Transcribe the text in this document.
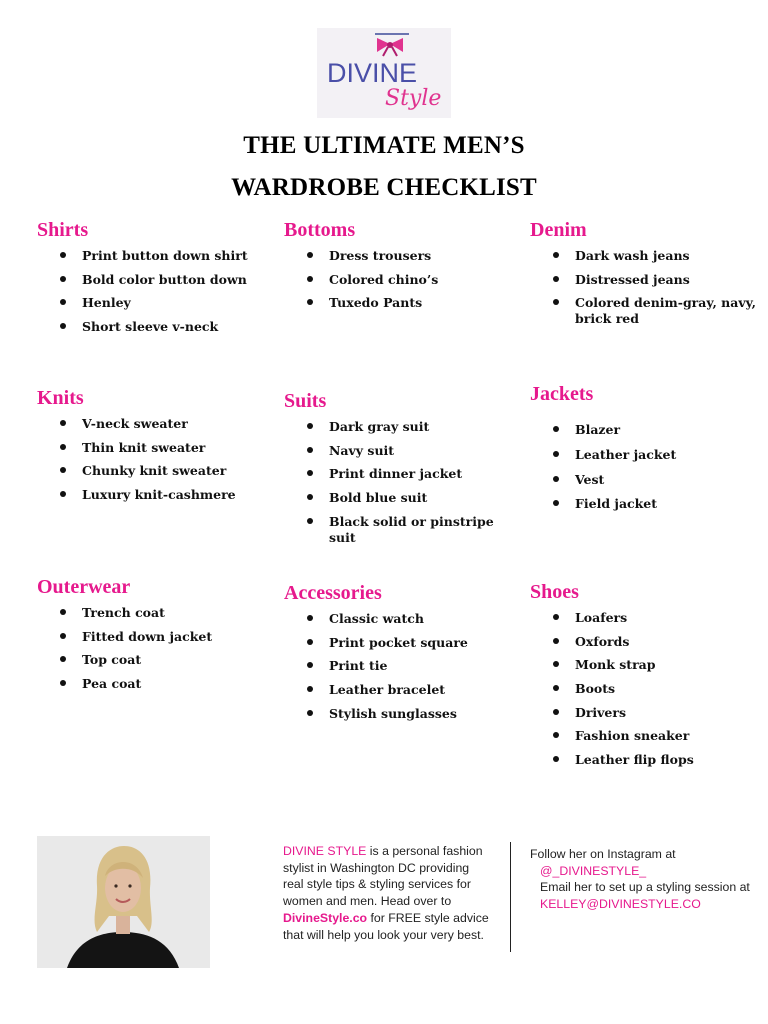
DIVINE
Style
THE ULTIMATE MEN’S
WARDROBE CHECKLIST
Shirts
Print button down shirt
Bold color button down
Henley
Short sleeve v-neck
Bottoms
Dress trousers
Colored chino’s
Tuxedo Pants
Denim
Dark wash jeans
Distressed jeans
Colored denim-gray, navy, brick red
Knits
V-neck sweater
Thin knit sweater
Chunky knit sweater
Luxury knit-cashmere
Suits
Dark gray suit
Navy suit
Print dinner jacket
Bold blue suit
Black solid or pinstripe suit
Jackets
Blazer
Leather jacket
Vest
Field jacket
Outerwear
Trench coat
Fitted down jacket
Top coat
Pea coat
Accessories
Classic watch
Print pocket square
Print tie
Leather bracelet
Stylish sunglasses
Shoes
Loafers
Oxfords
Monk strap
Boots
Drivers
Fashion sneaker
Leather flip flops
DIVINE STYLE is a personal fashion stylist in Washington DC providing real style tips & styling services for women and men. Head over to DivineStyle.co for FREE style advice that will help you look your very best.
Follow her on Instagram at
@_DIVINESTYLE_
Email her to set up a styling session at
KELLEY@DIVINESTYLE.CO
